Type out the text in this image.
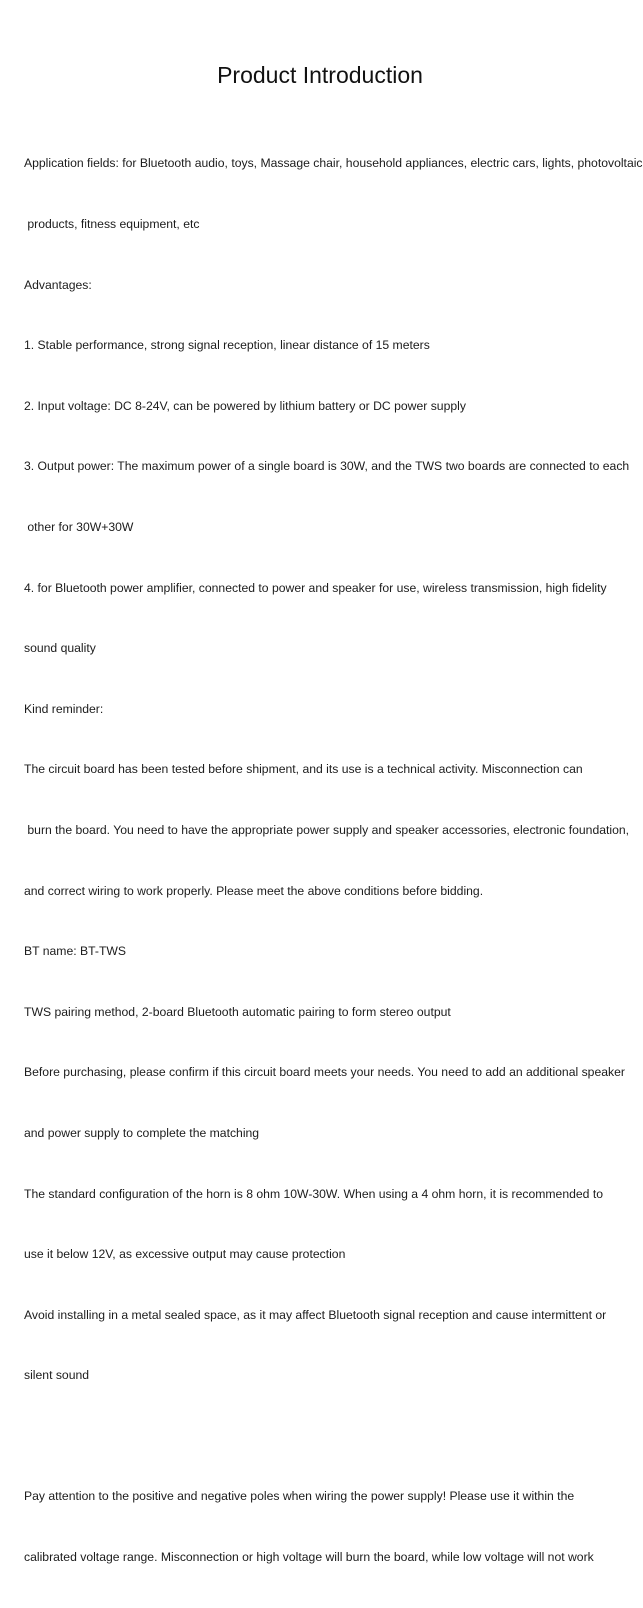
Product Introduction

Application fields: for Bluetooth audio, toys, Massage chair, household appliances, electric cars, lights, photovoltaic

products, fitness equipment, etc

Advantages:

1. Stable performance, strong signal reception, linear distance of 15 meters

2. Input voltage: DC 8-24V, can be powered by lithium battery or DC power supply

3. Output power: The maximum power of a single board is 30W, and the TWS two boards are connected to each

other for 30W+30W

4. for Bluetooth power amplifier, connected to power and speaker for use, wireless transmission, high fidelity

sound quality

Kind reminder:

The circuit board has been tested before shipment, and its use is a technical activity. Misconnection can

burn the board. You need to have the appropriate power supply and speaker accessories, electronic foundation,

and correct wiring to work properly. Please meet the above conditions before bidding.

BT name: BT-TWS

TWS pairing method, 2-board Bluetooth automatic pairing to form stereo output

Before purchasing, please confirm if this circuit board meets your needs. You need to add an additional speaker

and power supply to complete the matching

The standard configuration of the horn is 8 ohm 10W-30W. When using a 4 ohm horn, it is recommended to

use it below 12V, as excessive output may cause protection

Avoid installing in a metal sealed space, as it may affect Bluetooth signal reception and cause intermittent or

silent sound

Pay attention to the positive and negative poles when wiring the power supply! Please use it within the

calibrated voltage range. Misconnection or high voltage will burn the board, while low voltage will not work
